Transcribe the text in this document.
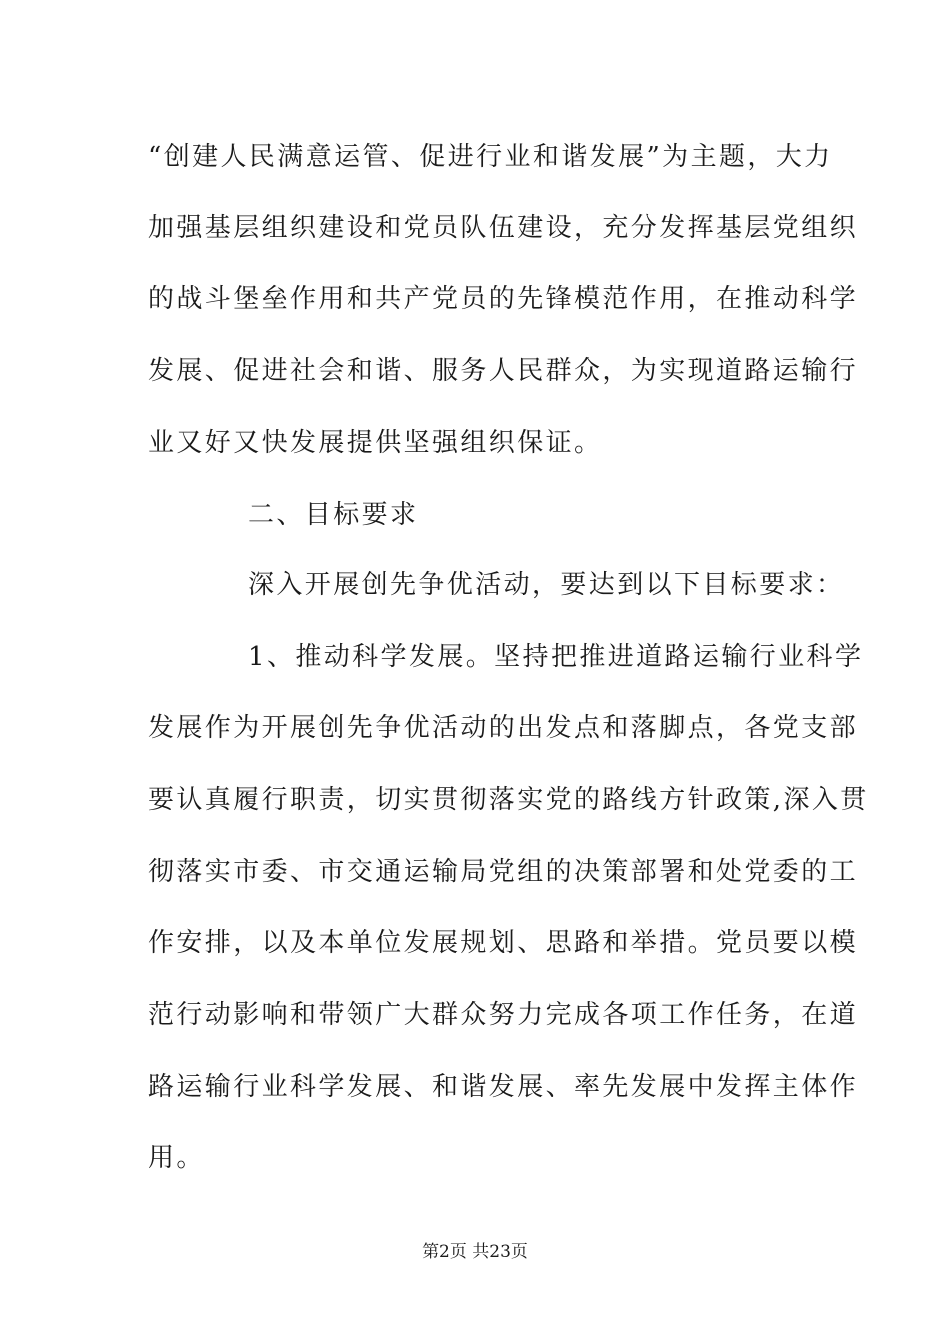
“创建人民满意运管、促进行业和谐发展”为主题，大力
加强基层组织建设和党员队伍建设，充分发挥基层党组织
的战斗堡垒作用和共产党员的先锋模范作用，在推动科学
发展、促进社会和谐、服务人民群众，为实现道路运输行
业又好又快发展提供坚强组织保证。
二、目标要求
深入开展创先争优活动，要达到以下目标要求：
1、推动科学发展。坚持把推进道路运输行业科学
发展作为开展创先争优活动的出发点和落脚点，各党支部
要认真履行职责，切实贯彻落实党的路线方针政策,深入贯
彻落实市委、市交通运输局党组的决策部署和处党委的工
作安排，以及本单位发展规划、思路和举措。党员要以模
范行动影响和带领广大群众努力完成各项工作任务，在道
路运输行业科学发展、和谐发展、率先发展中发挥主体作
用。
第2页 共23页
